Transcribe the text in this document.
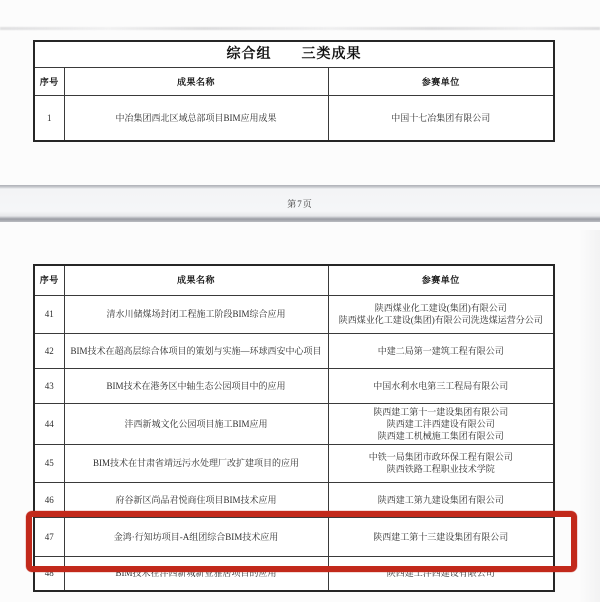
综合组　　三类成果		
序号	成果名称	参赛单位
1	中冶集团西北区域总部项目BIM应用成果	中国十七冶集团有限公司
第7页
序号	成果名称	参赛单位
41	清水川储煤场封闭工程施工阶段BIM综合应用	陕西煤业化工建设(集团)有限公司
陕西煤业化工建设(集团)有限公司洗选煤运营分公司

42	BIM技术在超高层综合体项目的策划与实施—环球西安中心项目	中建二局第一建筑工程有限公司

43	BIM技术在港务区中轴生态公园项目中的应用	中国水利水电第三工程局有限公司

44	沣西新城文化公园项目施工BIM应用	陕西建工第十一建设集团有限公司
陕西建工沣西建设有限公司
陕西建工机械施工集团有限公司

45	BIM技术在甘肃省靖远污水处理厂改扩建项目的应用	中铁一局集团市政环保工程有限公司
陕西铁路工程职业技术学院

46	府谷新区尚品君悦商住项目BIM技术应用	陕西建工第九建设集团有限公司

47	金鸿·行知坊项目-A组团综合BIM技术应用	陕西建工第十三建设集团有限公司

48	BIM技术在沣西新城新业雅居项目的应用	陕西建工沣西建设有限公司
